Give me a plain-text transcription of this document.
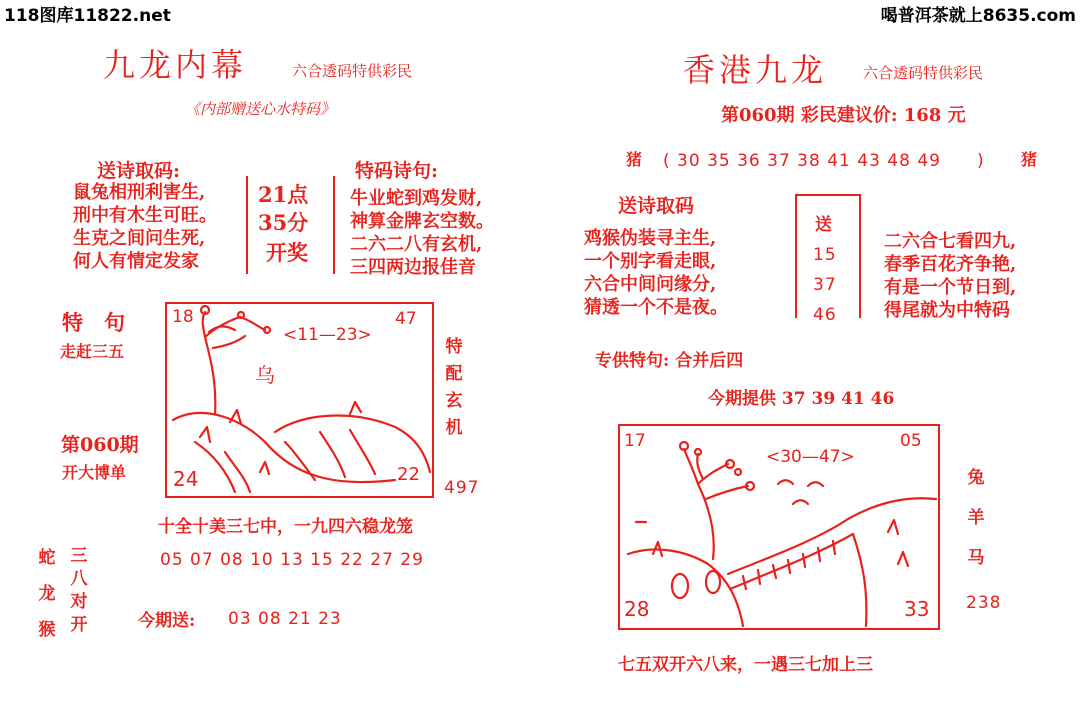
118图库11822.net	喝普洱茶就上8635.com
九龙内幕	六合透码特供彩民
《内部赠送心水特码》
送诗取码:
鼠兔相刑利害生,
刑中有木生可旺。
生克之间问生死,
何人有情定发家
21点
35分
开奖
特码诗句:
牛业蛇到鸡发财,
神算金牌玄空数。
二六二八有玄机,
三四两边报佳音
特　句
走赶三五
第060期
开大博单
18	47
<11—23>
乌
24	22
特
配
玄
机
497
十全十美三七中，一九四六稳龙笼
05 07 08 10 13 15 22 27 29
蛇
龙
猴
三
八
对
开	今期送: 03 08 21 23
香港九龙 六合透码特供彩民
第060期 彩民建议价: 168 元
猪 ( 30 35 36 37 38 41 43 48 49　　) 猪
送诗取码
鸡猴伪装寻主生,
一个别字看走眼,
六合中间问缘分,
猜透一个不是夜。
送
15
37
46
二六合七看四九,
春季百花齐争艳,
有是一个节日到,
得尾就为中特码
专供特句: 合并后四
今期提供 37 39 41 46
17	05
<30—47>
28	33
兔
羊
马
238
七五双开六八来，一遇三七加上三
